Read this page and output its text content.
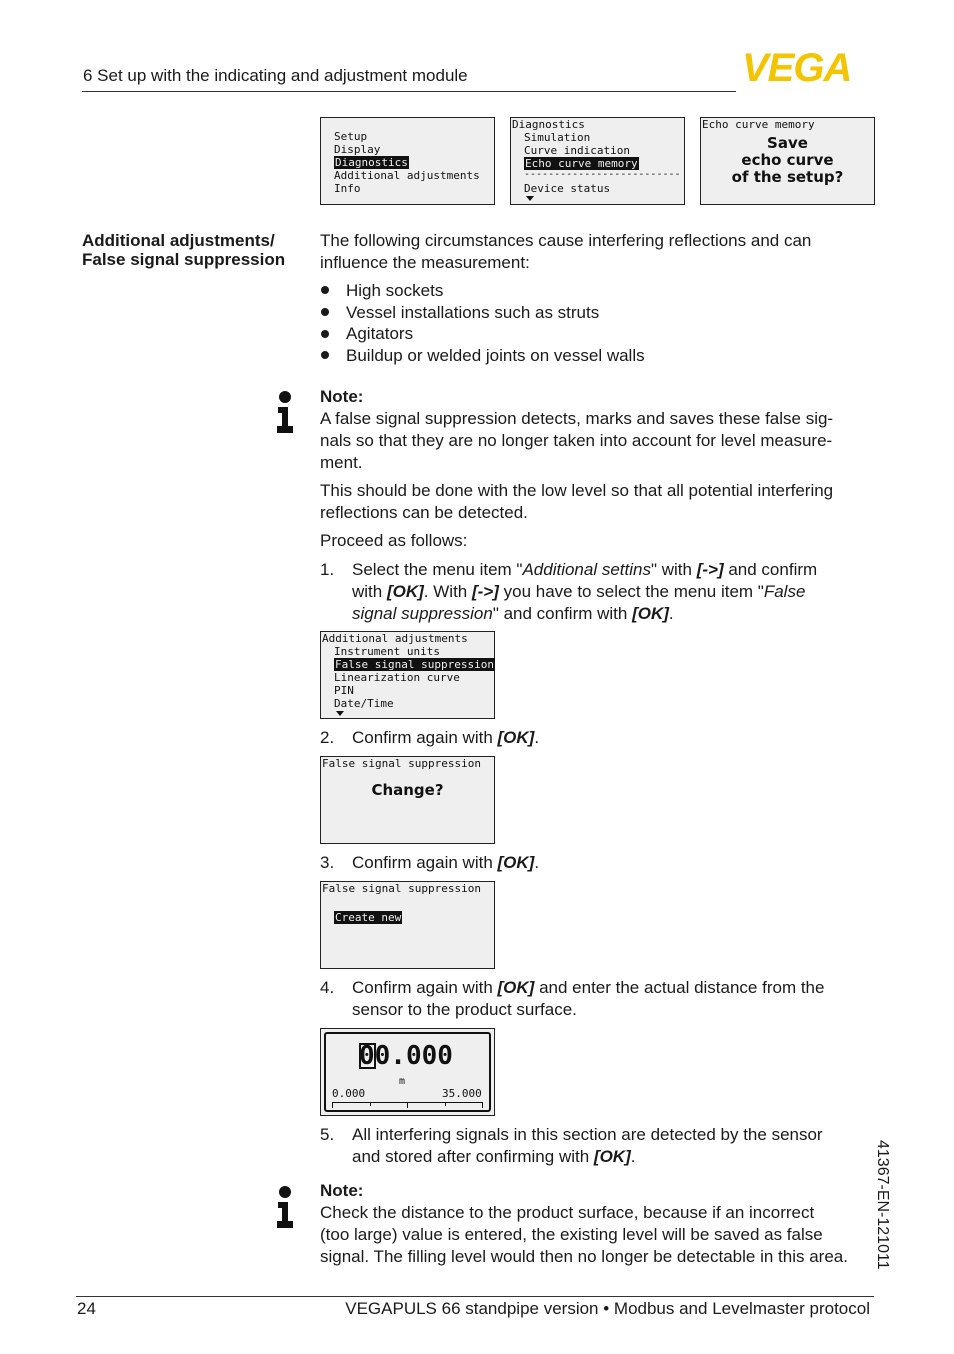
6 Set up with the indicating and adjustment module	VEGA
Setup
Display
Diagnostics
Additional adjustments
Info
Diagnostics
Simulation
Curve indication
Echo curve memory
--------------------------
Device status
Echo curve memory
Save
echo curve
of the setup?
Additional adjustments/
False signal suppression
The following circumstances cause interfering reflections and can
influence the measurement:
High sockets
Vessel installations such as struts
Agitators
Buildup or welded joints on vessel walls
Note:
A false signal suppression detects, marks and saves these false sig-
nals so that they are no longer taken into account for level measure-
ment.
This should be done with the low level so that all potential interfering
reflections can be detected.
Proceed as follows:
1. Select the menu item "Additional settins" with [->] and confirm
with [OK]. With [->] you have to select the menu item "False
signal suppression" and confirm with [OK].
Additional adjustments
Instrument units
False signal suppression
Linearization curve
PIN
Date/Time
2. Confirm again with [OK].
False signal suppression
Change?
3. Confirm again with [OK].
False signal suppression
Create new
4. Confirm again with [OK] and enter the actual distance from the
sensor to the product surface.
00.000
m
0.000	35.000
5. All interfering signals in this section are detected by the sensor
and stored after confirming with [OK].
Note:
Check the distance to the product surface, because if an incorrect
(too large) value is entered, the existing level will be saved as false
signal. The filling level would then no longer be detectable in this area.	41367-EN-121011
24	VEGAPULS 66 standpipe version • Modbus and Levelmaster protocol
